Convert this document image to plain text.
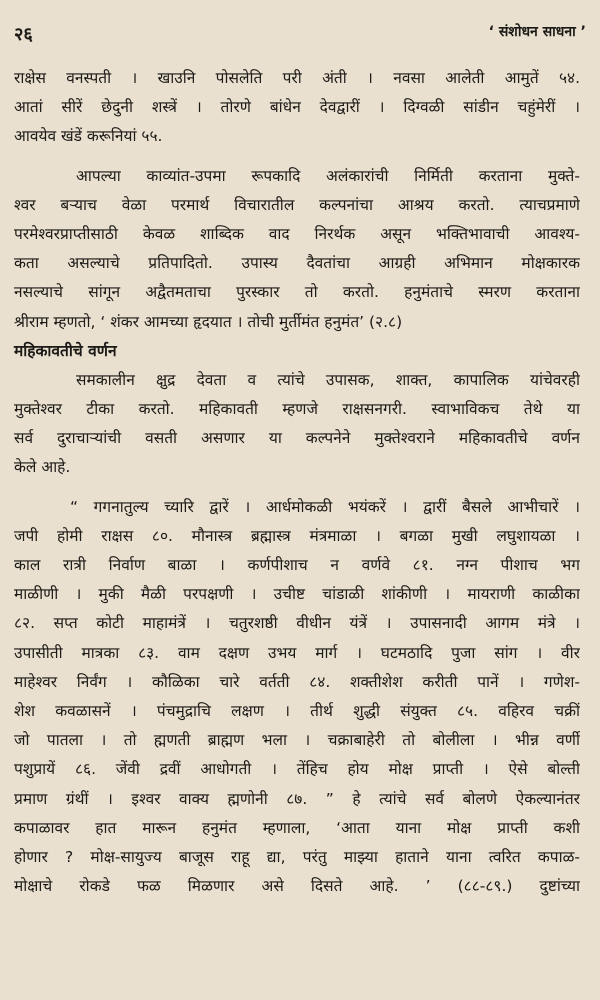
२६	‘ संशोधन साधना ’
राक्षेस वनस्पती । खाउनि पोसलेति परी अंती । नवसा आलेती आमुतें ५४.
आतां सीरें छेदुनी शस्त्रें । तोरणे बांधेन देवद्वारीं । दिग्वळी सांडीन चहुंमेरीं ।
आवयेव खंडें करूनियां ५५.
आपल्या काव्यांत-उपमा रूपकादि अलंकारांची निर्मिती करताना मुक्ते-
श्वर बऱ्याच वेळा परमार्थ विचारातील कल्पनांचा आश्रय करतो. त्याचप्रमाणे
परमेश्वरप्राप्तीसाठी केवळ शाब्दिक वाद निरर्थक असून भक्तिभावाची आवश्य-
कता असल्याचे प्रतिपादितो. उपास्य दैवतांचा आग्रही अभिमान मोक्षकारक
नसल्याचे सांगून अद्वैतमताचा पुरस्कार तो करतो. हनुमंताचे स्मरण करताना
श्रीराम म्हणतो, ‘ शंकर आमच्या हृदयात । तोची मुर्तीमंत हनुमंत’ (२.८)
महिकावतीचे वर्णन
समकालीन क्षुद्र देवता व त्यांचे उपासक, शाक्त, कापालिक यांचेवरही
मुक्तेश्वर टीका करतो. महिकावती म्हणजे राक्षसनगरी. स्वाभाविकच तेथे या
सर्व दुराचाऱ्यांची वसती असणार या कल्पनेने मुक्तेश्वराने महिकावतीचे वर्णन
केले आहे.
“ गगनातुल्य च्यारि द्वारें । आर्धमोकळी भयंकरें । द्वारीं बैसले आभीचारें ।
जपी होमी राक्षस ८०. मौनास्त्र ब्रह्मास्त्र मंत्रमाळा । बगळा मुखी लघुशायळा ।
काल रात्री निर्वाण बाळा । कर्णपीशाच न वर्णवे ८१. नग्न पीशाच भग
माळीणी । मुकी मैळी परपक्षणी । उचीष्ट चांडाळी शांकीणी । मायराणी काळीका
८२. सप्त कोटी माहामंत्रें । चतुरशष्ठी वीधीन यंत्रें । उपासनादी आगम मंत्रे ।
उपासीती मात्रका ८३. वाम दक्षण उभय मार्ग । घटमठादि पुजा सांग । वीर
माहेश्वर निर्वंग । कौळिका चारे वर्तती ८४. शक्तीशेश करीती पानें । गणेश-
शेश कवळासनें । पंचमुद्राचि लक्षण । तीर्थ शुद्धी संयुक्त ८५. वहिरव चक्रीं
जो पातला । तो ह्मणती ब्राह्मण भला । चक्राबाहेरी तो बोलीला । भीन्न वर्णी
पशुप्रायें ८६. जेंवी द्रवीं आधोगती । तेंहिच होय मोक्ष प्राप्ती । ऐसे बोल्ती
प्रमाण ग्रंथीं । इश्वर वाक्य ह्मणोनी ८७. ” हे त्यांचे सर्व बोलणे ऐकल्यानंतर
कपाळावर हात मारून हनुमंत म्हणाला, ‘आता याना मोक्ष प्राप्ती कशी
होणार ? मोक्ष-सायुज्य बाजूस राहू द्या, परंतु माझ्या हाताने याना त्वरित कपाळ-
मोक्षाचे रोकडे फळ मिळणार असे दिसते आहे. ’ (८८-८९.) दुष्टांच्या
